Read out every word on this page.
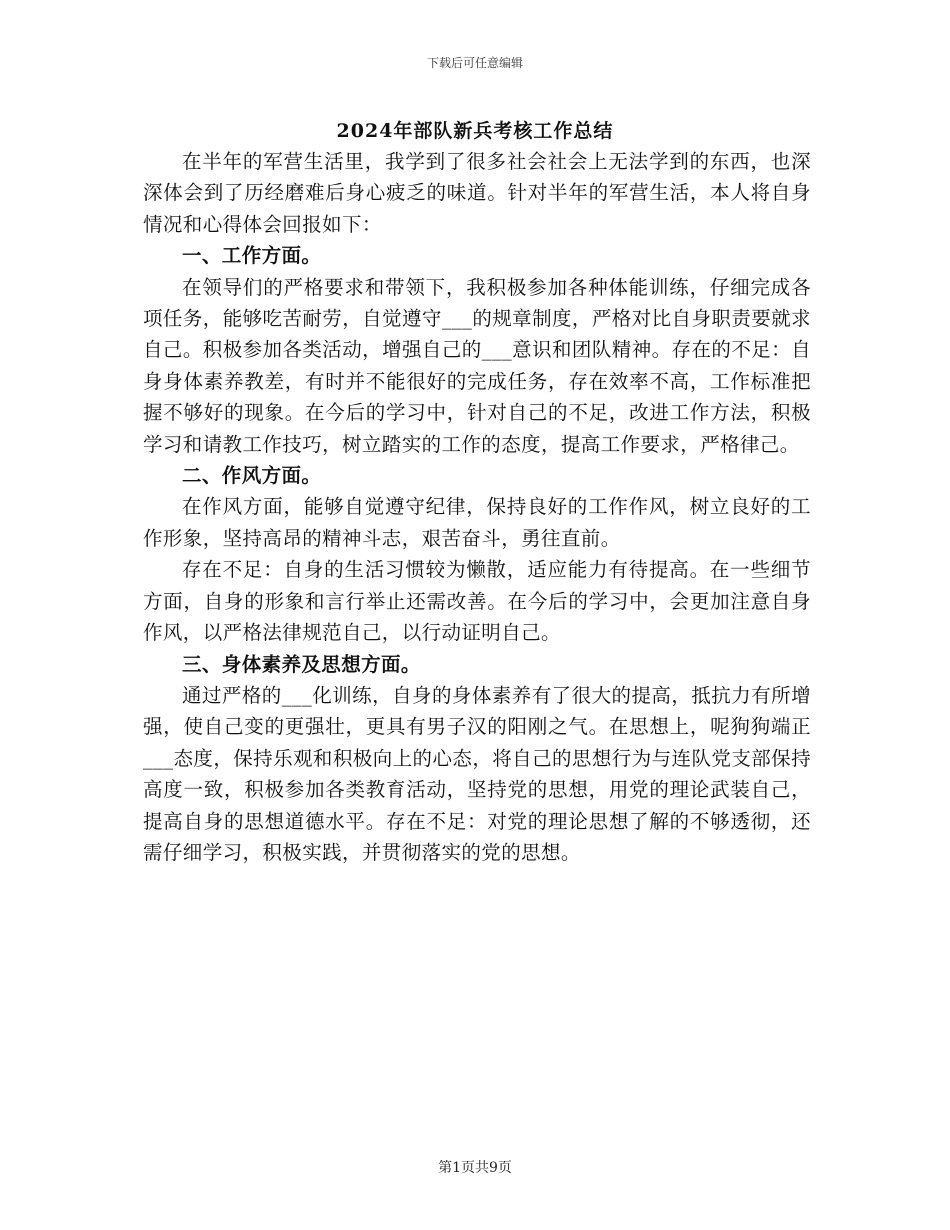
下载后可任意编辑
2024年部队新兵考核工作总结

在半年的军营生活里，我学到了很多社会社会上无法学到的东西，也深深体会到了历经磨难后身心疲乏的味道。针对半年的军营生活，本人将自身情况和心得体会回报如下：

一、工作方面。

在领导们的严格要求和带领下，我积极参加各种体能训练，仔细完成各项任务，能够吃苦耐劳，自觉遵守___的规章制度，严格对比自身职责要就求自己。积极参加各类活动，增强自己的___意识和团队精神。存在的不足：自身身体素养教差，有时并不能很好的完成任务，存在效率不高，工作标准把握不够好的现象。在今后的学习中，针对自己的不足，改进工作方法，积极学习和请教工作技巧，树立踏实的工作的态度，提高工作要求，严格律己。

二、作风方面。

在作风方面，能够自觉遵守纪律，保持良好的工作作风，树立良好的工作形象，坚持高昂的精神斗志，艰苦奋斗，勇往直前。

存在不足：自身的生活习惯较为懒散，适应能力有待提高。在一些细节方面，自身的形象和言行举止还需改善。在今后的学习中，会更加注意自身作风，以严格法律规范自己，以行动证明自己。

三、身体素养及思想方面。

通过严格的___化训练，自身的身体素养有了很大的提高，抵抗力有所增强，使自己变的更强壮，更具有男子汉的阳刚之气。在思想上，呢狗狗端正___态度，保持乐观和积极向上的心态，将自己的思想行为与连队党支部保持高度一致，积极参加各类教育活动，坚持党的思想，用党的理论武装自己，提高自身的思想道德水平。存在不足：对党的理论思想了解的不够透彻，还需仔细学习，积极实践，并贯彻落实的党的思想。

第1页共9页
